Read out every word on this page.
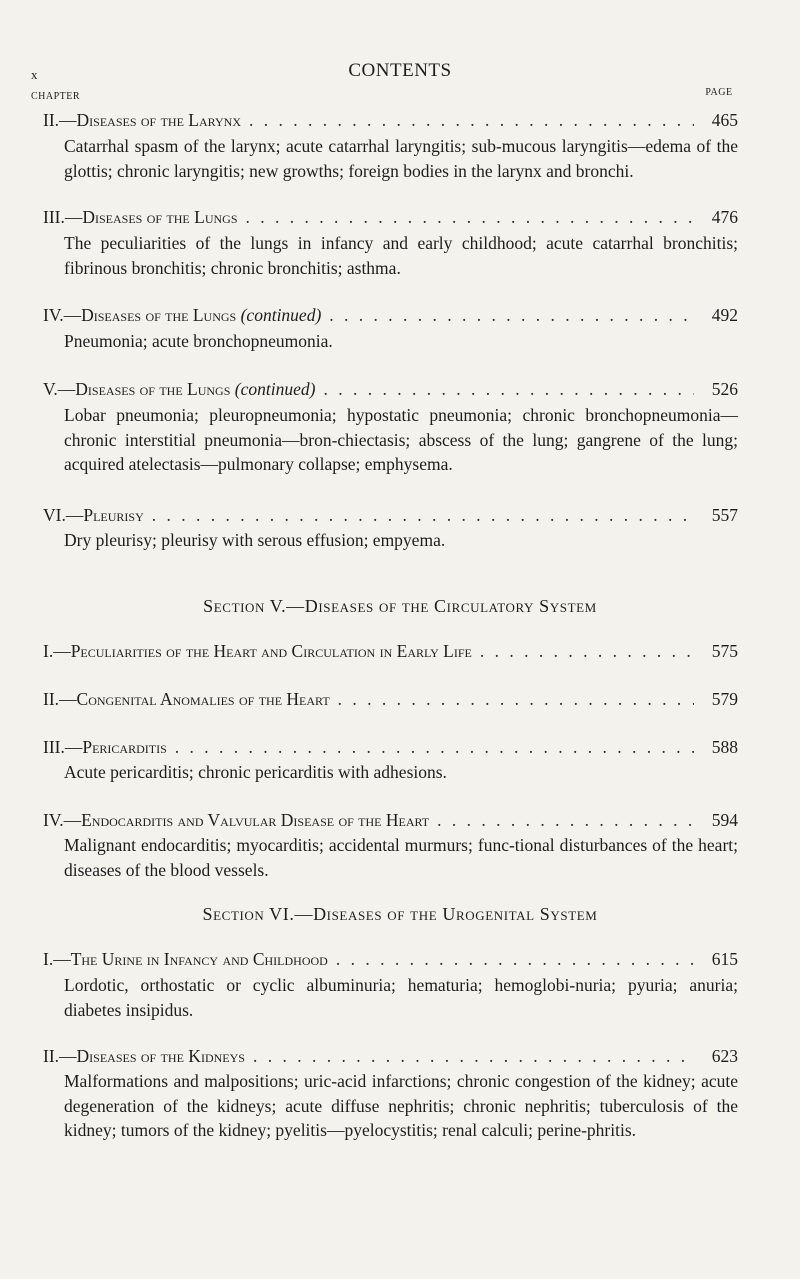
x	CONTENTS
CHAPTER	PAGE
II.— Diseases of the Larynx . . .	465
Catarrhal spasm of the larynx; acute catarrhal laryngitis; sub-mucous laryngitis—edema of the glottis; chronic laryngitis; new growths; foreign bodies in the larynx and bronchi.
III.— Diseases of the Lungs . . .	476
The peculiarities of the lungs in infancy and early childhood; acute catarrhal bronchitis; fibrinous bronchitis; chronic bronchitis; asthma.
IV.— Diseases of the Lungs (continued) . . .	492
Pneumonia; acute bronchopneumonia.
V.— Diseases of the Lungs (continued) . . .	526
Lobar pneumonia; pleuropneumonia; hypostatic pneumonia; chronic bronchopneumonia—chronic interstitial pneumonia—bron-chiectasis; abscess of the lung; gangrene of the lung; acquired atelectasis—pulmonary collapse; emphysema.
VI.— Pleurisy . . .	557
Dry pleurisy; pleurisy with serous effusion; empyema.
Section V.—Diseases of the Circulatory System
I.— Peculiarities of the Heart and Circulation in Early Life . . .	575
II.— Congenital Anomalies of the Heart . . .	579
III.— Pericarditis . . .	588
Acute pericarditis; chronic pericarditis with adhesions.
IV.— Endocarditis and Valvular Disease of the Heart . . .	594
Malignant endocarditis; myocarditis; accidental murmurs; func-tional disturbances of the heart; diseases of the blood vessels.
Section VI.—Diseases of the Urogenital System
I.— The Urine in Infancy and Childhood . . .	615
Lordotic, orthostatic or cyclic albuminuria; hematuria; hemoglobi-nuria; pyuria; anuria; diabetes insipidus.
II.— Diseases of the Kidneys . . .	623
Malformations and malpositions; uric-acid infarctions; chronic congestion of the kidney; acute degeneration of the kidneys; acute diffuse nephritis; chronic nephritis; tuberculosis of the kidney; tumors of the kidney; pyelitis—pyelocystitis; renal calculi; perine-phritis.
